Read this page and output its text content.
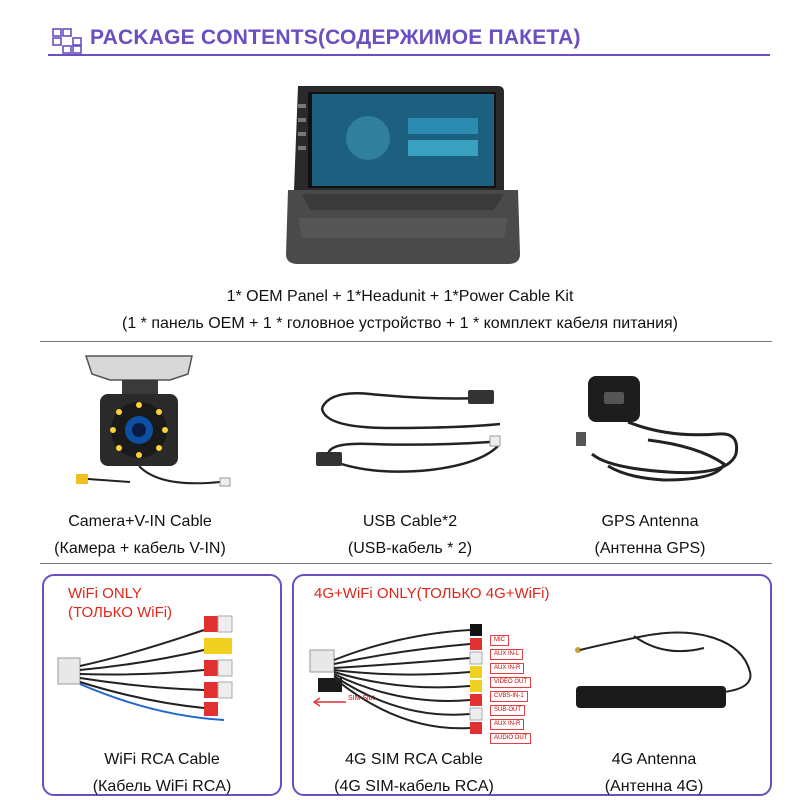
PACKAGE CONTENTS(СОДЕРЖИМОЕ ПАКЕТА)
1* OEM Panel + 1*Headunit + 1*Power Cable Kit
(1 * панель OEM + 1 * головное устройство + 1 * комплект кабеля питания)
Camera+V-IN Cable
(Камера + кабель V-IN)
USB Cable*2
(USB-кабель * 2)
GPS Antenna
(Антенна GPS)
WiFi ONLY
(ТОЛЬКО WiFi)
WiFi RCA Cable
(Кабель WiFi RCA)
4G+WiFi ONLY(ТОЛЬКО 4G+WiFi)
SIM Slot
MIC
AUX IN-L
AUX IN-R
VIDEO OUT
CVBS-IN-1
SUB-OUT
AUX IN-R
AUDIO OUT
4G SIM RCA Cable
(4G SIM-кабель RCA)
4G Antenna
(Антенна 4G)
